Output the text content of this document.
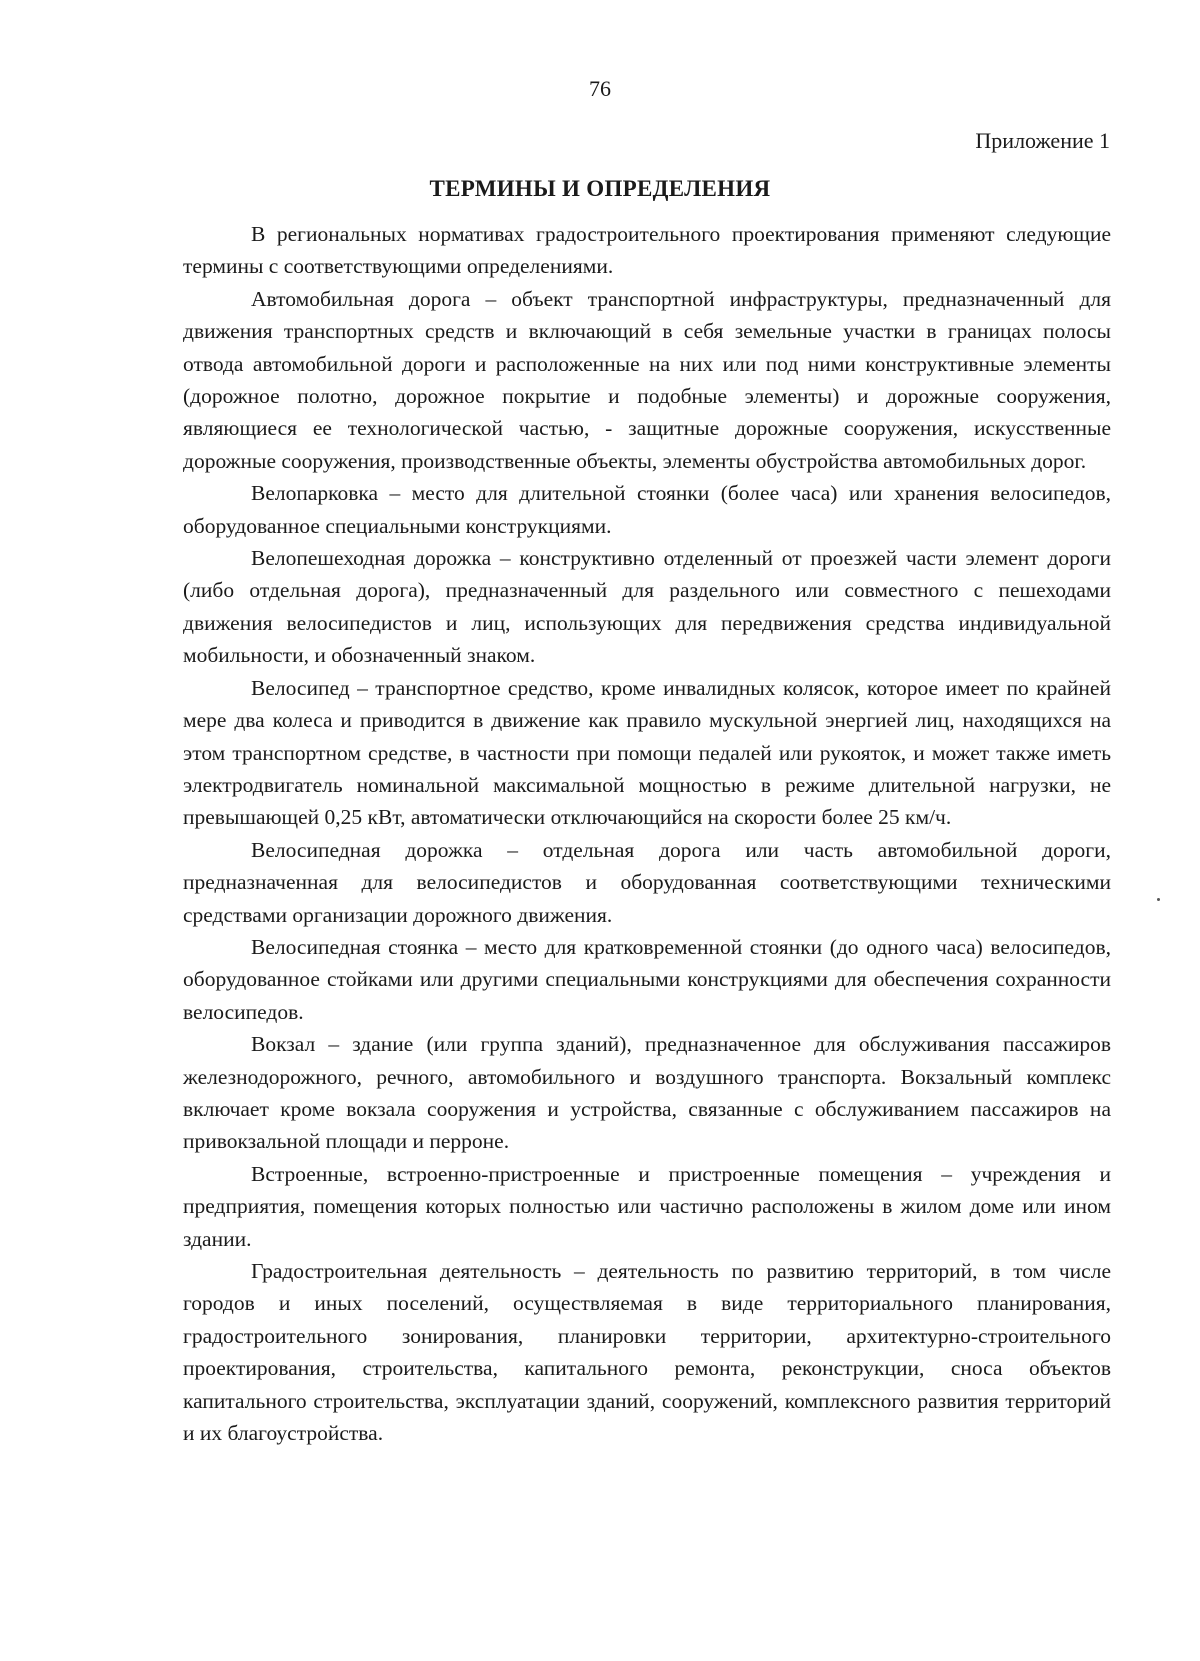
76
Приложение 1
ТЕРМИНЫ И ОПРЕДЕЛЕНИЯ

В региональных нормативах градостроительного проектирования применяют следующие термины с соответствующими определениями.

Автомобильная дорога – объект транспортной инфраструктуры, предназначенный для движения транспортных средств и включающий в себя земельные участки в границах полосы отвода автомобильной дороги и расположенные на них или под ними конструктивные элементы (дорожное полотно, дорожное покрытие и подобные элементы) и дорожные сооружения, являющиеся ее технологической частью, - защитные дорожные сооружения, искусственные дорожные сооружения, производственные объекты, элементы обустройства автомобильных дорог.

Велопарковка – место для длительной стоянки (более часа) или хранения велосипедов, оборудованное специальными конструкциями.

Велопешеходная дорожка – конструктивно отделенный от проезжей части элемент дороги (либо отдельная дорога), предназначенный для раздельного или совместного с пешеходами движения велосипедистов и лиц, использующих для передвижения средства индивидуальной мобильности, и обозначенный знаком.

Велосипед – транспортное средство, кроме инвалидных колясок, которое имеет по крайней мере два колеса и приводится в движение как правило мускульной энергией лиц, находящихся на этом транспортном средстве, в частности при помощи педалей или рукояток, и может также иметь электродвигатель номинальной максимальной мощностью в режиме длительной нагрузки, не превышающей 0,25 кВт, автоматически отключающийся на скорости более 25 км/ч.

Велосипедная дорожка – отдельная дорога или часть автомобильной дороги, предназначенная для велосипедистов и оборудованная соответствующими техническими средствами организации дорожного движения.

Велосипедная стоянка – место для кратковременной стоянки (до одного часа) велосипедов, оборудованное стойками или другими специальными конструкциями для обеспечения сохранности велосипедов.

Вокзал – здание (или группа зданий), предназначенное для обслуживания пассажиров железнодорожного, речного, автомобильного и воздушного транспорта. Вокзальный комплекс включает кроме вокзала сооружения и устройства, связанные с обслуживанием пассажиров на привокзальной площади и перроне.

Встроенные, встроенно-пристроенные и пристроенные помещения – учреждения и предприятия, помещения которых полностью или частично расположены в жилом доме или ином здании.

Градостроительная деятельность – деятельность по развитию территорий, в том числе городов и иных поселений, осуществляемая в виде территориального планирования, градостроительного зонирования, планировки территории, архитектурно-строительного проектирования, строительства, капитального ремонта, реконструкции, сноса объектов капитального строительства, эксплуатации зданий, сооружений, комплексного развития территорий и их благоустройства.
